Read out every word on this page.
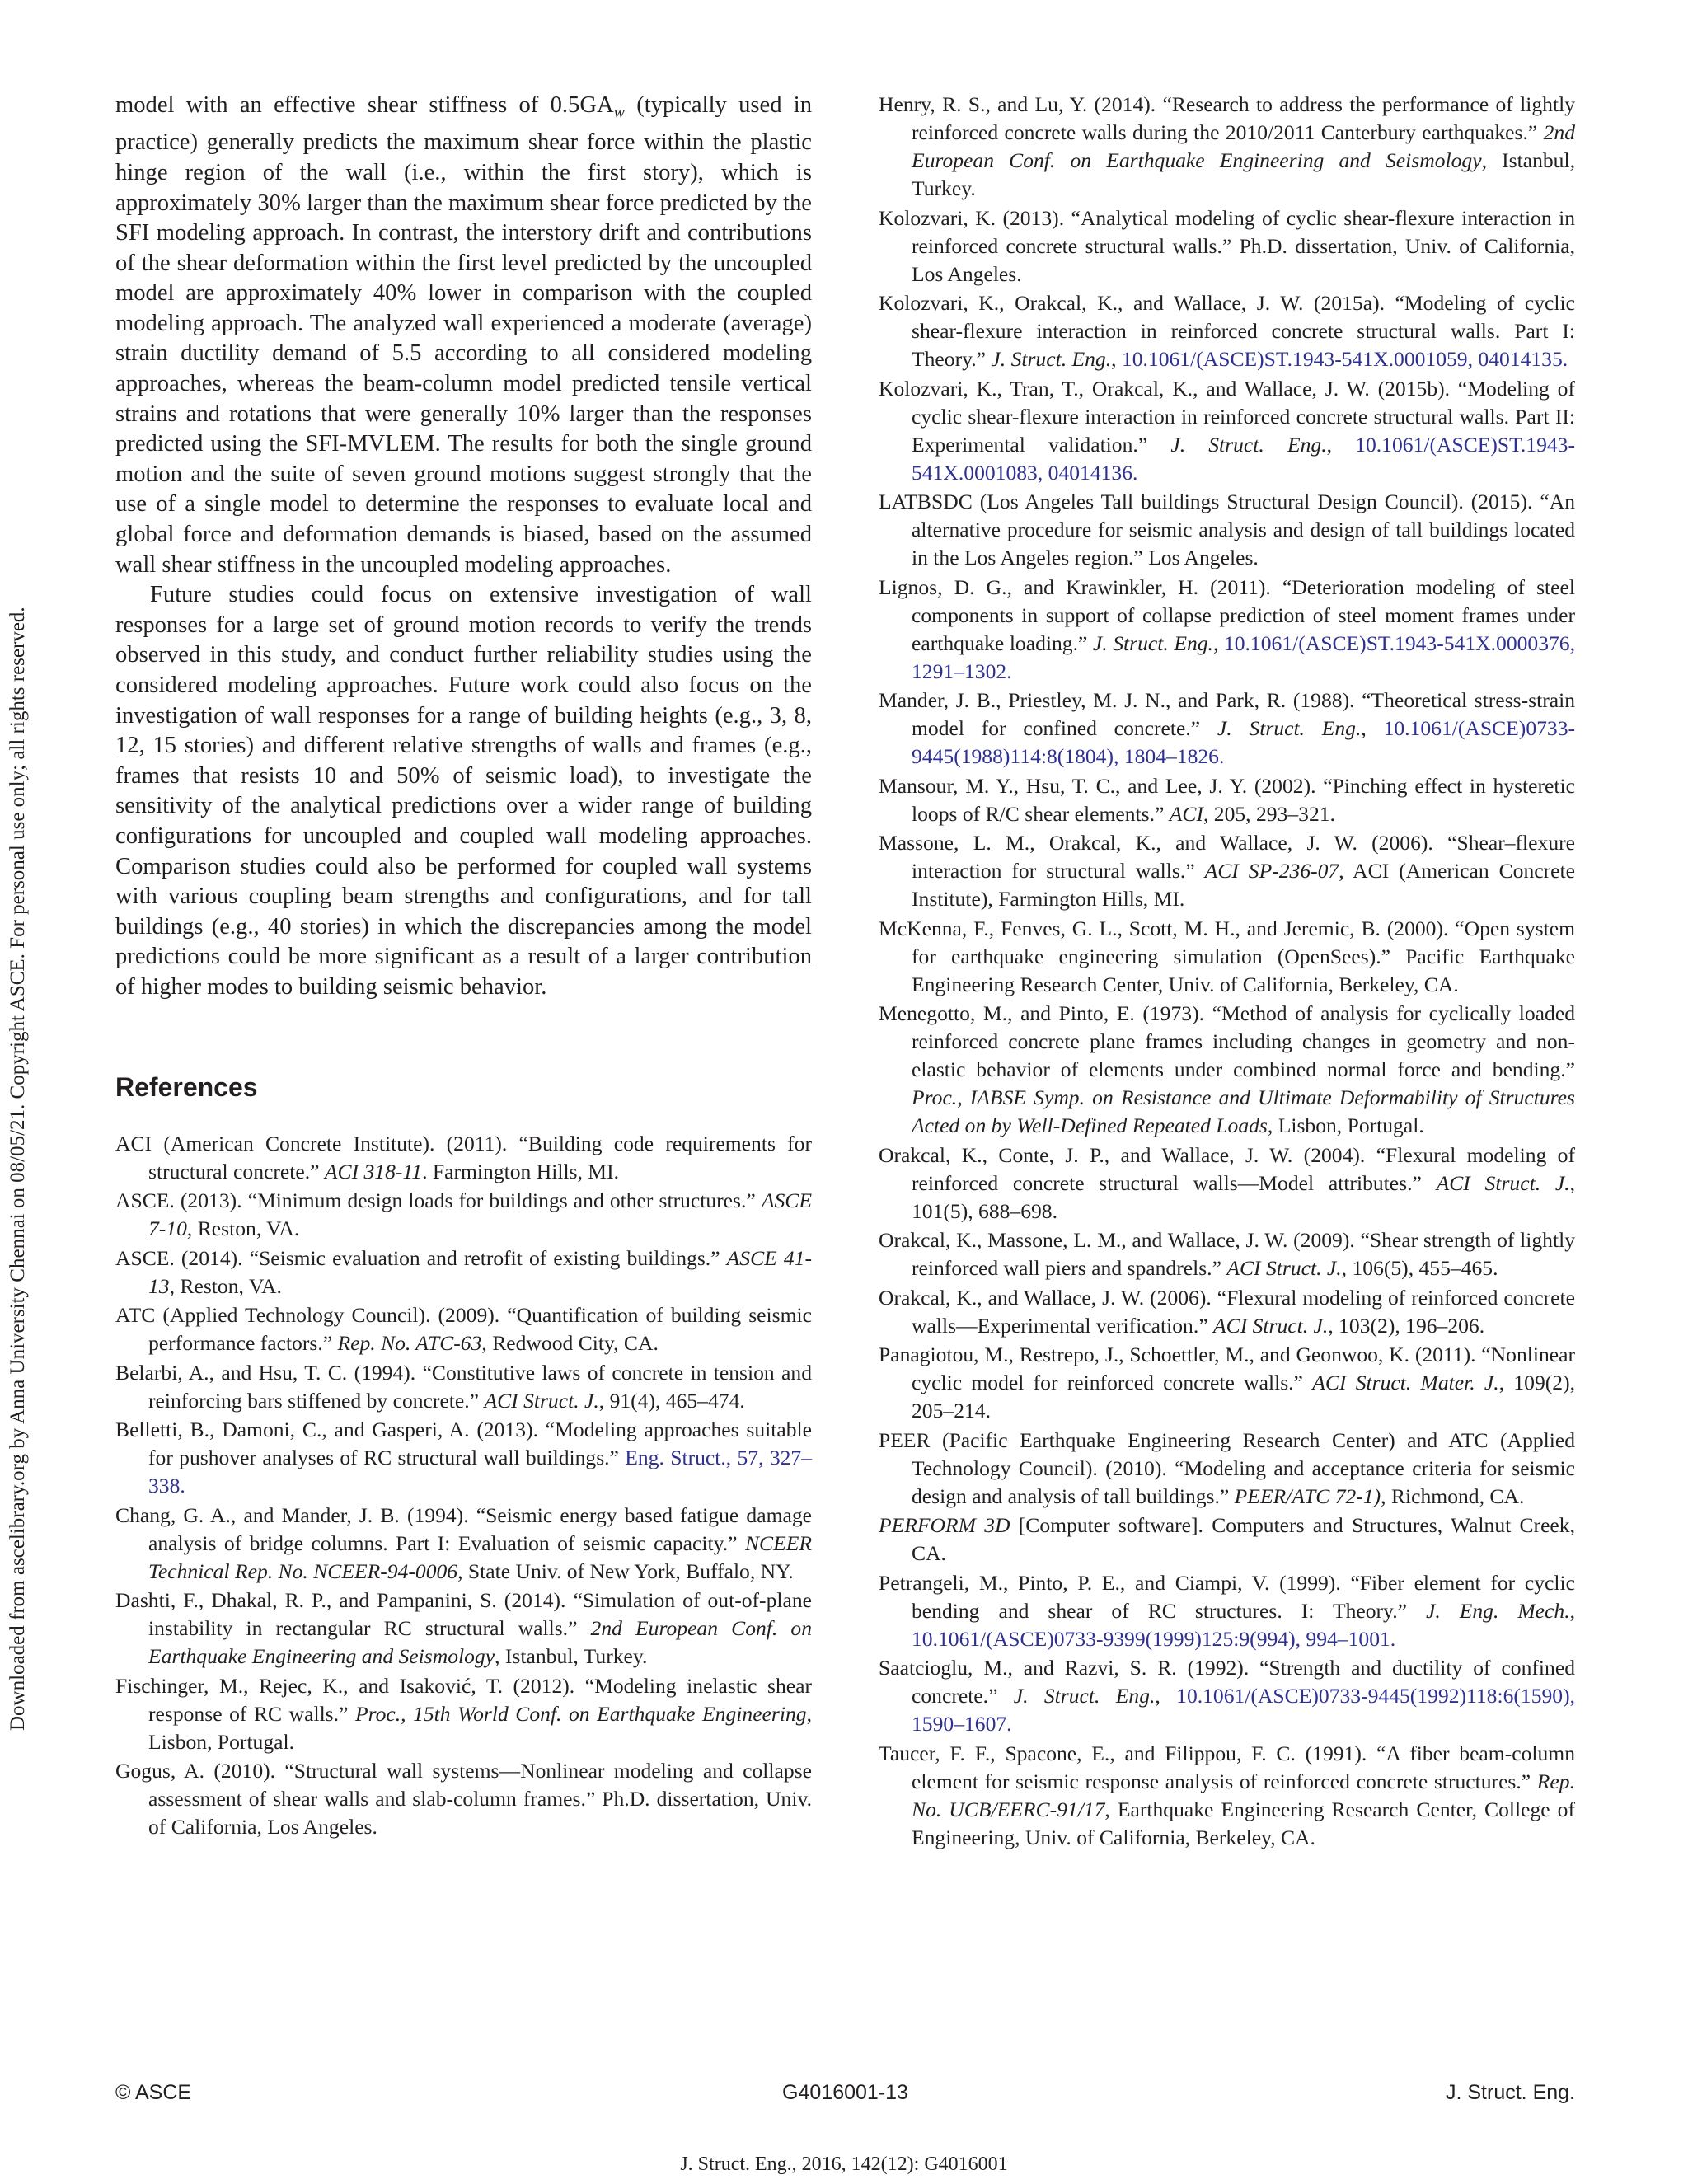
Downloaded from ascelibrary.org by Anna University Chennai on 08/05/21. Copyright ASCE. For personal use only; all rights reserved.

model with an effective shear stiffness of $0.5GA_w$ (typically used in practice) generally predicts the maximum shear force within the plastic hinge region of the wall (i.e., within the first story), which is approximately 30% larger than the maximum shear force predicted by the SFI modeling approach. In contrast, the interstory drift and contributions of the shear deformation within the first level predicted by the uncoupled model are approximately 40% lower in comparison with the coupled modeling approach. The analyzed wall experienced a moderate (average) strain ductility demand of 5.5 according to all considered modeling approaches, whereas the beam-column model predicted tensile vertical strains and rotations that were generally 10% larger than the responses predicted using the SFI-MVLEM. The results for both the single ground motion and the suite of seven ground motions suggest strongly that the use of a single model to determine the responses to evaluate local and global force and deformation demands is biased, based on the assumed wall shear stiffness in the uncoupled modeling approaches.

Future studies could focus on extensive investigation of wall responses for a large set of ground motion records to verify the trends observed in this study, and conduct further reliability studies using the considered modeling approaches. Future work could also focus on the investigation of wall responses for a range of building heights (e.g., 3, 8, 12, 15 stories) and different relative strengths of walls and frames (e.g., frames that resists 10 and 50% of seismic load), to investigate the sensitivity of the analytical predictions over a wider range of building configurations for uncoupled and coupled wall modeling approaches. Comparison studies could also be performed for coupled wall systems with various coupling beam strengths and configurations, and for tall buildings (e.g., 40 stories) in which the discrepancies among the model predictions could be more significant as a result of a larger contribution of higher modes to building seismic behavior.

References

ACI (American Concrete Institute). (2011). “Building code requirements for structural concrete.” ACI 318-11. Farmington Hills, MI.

ASCE. (2013). “Minimum design loads for buildings and other structures.” ASCE 7-10, Reston, VA.

ASCE. (2014). “Seismic evaluation and retrofit of existing buildings.” ASCE 41-13, Reston, VA.

ATC (Applied Technology Council). (2009). “Quantification of building seismic performance factors.” Rep. No. ATC-63, Redwood City, CA.

Belarbi, A., and Hsu, T. C. (1994). “Constitutive laws of concrete in tension and reinforcing bars stiffened by concrete.” ACI Struct. J., 91(4), 465–474.

Belletti, B., Damoni, C., and Gasperi, A. (2013). “Modeling approaches suitable for pushover analyses of RC structural wall buildings.” Eng. Struct., 57, 327–338.

Chang, G. A., and Mander, J. B. (1994). “Seismic energy based fatigue damage analysis of bridge columns. Part I: Evaluation of seismic capacity.” NCEER Technical Rep. No. NCEER-94-0006, State Univ. of New York, Buffalo, NY.

Dashti, F., Dhakal, R. P., and Pampanini, S. (2014). “Simulation of out-of-plane instability in rectangular RC structural walls.” 2nd European Conf. on Earthquake Engineering and Seismology, Istanbul, Turkey.

Fischinger, M., Rejec, K., and Isaković, T. (2012). “Modeling inelastic shear response of RC walls.” Proc., 15th World Conf. on Earthquake Engineering, Lisbon, Portugal.

Gogus, A. (2010). “Structural wall systems—Nonlinear modeling and collapse assessment of shear walls and slab-column frames.” Ph.D. dissertation, Univ. of California, Los Angeles.

Henry, R. S., and Lu, Y. (2014). “Research to address the performance of lightly reinforced concrete walls during the 2010/2011 Canterbury earthquakes.” 2nd European Conf. on Earthquake Engineering and Seismology, Istanbul, Turkey.

Kolozvari, K. (2013). “Analytical modeling of cyclic shear-flexure interaction in reinforced concrete structural walls.” Ph.D. dissertation, Univ. of California, Los Angeles.

Kolozvari, K., Orakcal, K., and Wallace, J. W. (2015a). “Modeling of cyclic shear-flexure interaction in reinforced concrete structural walls. Part I: Theory.” J. Struct. Eng., 10.1061/(ASCE)ST.1943-541X.0001059, 04014135.

Kolozvari, K., Tran, T., Orakcal, K., and Wallace, J. W. (2015b). “Modeling of cyclic shear-flexure interaction in reinforced concrete structural walls. Part II: Experimental validation.” J. Struct. Eng., 10.1061/(ASCE)ST.1943-541X.0001083, 04014136.

LATBSDC (Los Angeles Tall buildings Structural Design Council). (2015). “An alternative procedure for seismic analysis and design of tall buildings located in the Los Angeles region.” Los Angeles.

Lignos, D. G., and Krawinkler, H. (2011). “Deterioration modeling of steel components in support of collapse prediction of steel moment frames under earthquake loading.” J. Struct. Eng., 10.1061/(ASCE)ST.1943-541X.0000376, 1291–1302.

Mander, J. B., Priestley, M. J. N., and Park, R. (1988). “Theoretical stress-strain model for confined concrete.” J. Struct. Eng., 10.1061/(ASCE)0733-9445(1988)114:8(1804), 1804–1826.

Mansour, M. Y., Hsu, T. C., and Lee, J. Y. (2002). “Pinching effect in hysteretic loops of R/C shear elements.” ACI, 205, 293–321.

Massone, L. M., Orakcal, K., and Wallace, J. W. (2006). “Shear–flexure interaction for structural walls.” ACI SP-236-07, ACI (American Concrete Institute), Farmington Hills, MI.

McKenna, F., Fenves, G. L., Scott, M. H., and Jeremic, B. (2000). “Open system for earthquake engineering simulation (OpenSees).” Pacific Earthquake Engineering Research Center, Univ. of California, Berkeley, CA.

Menegotto, M., and Pinto, E. (1973). “Method of analysis for cyclically loaded reinforced concrete plane frames including changes in geometry and non-elastic behavior of elements under combined normal force and bending.” Proc., IABSE Symp. on Resistance and Ultimate Deformability of Structures Acted on by Well-Defined Repeated Loads, Lisbon, Portugal.

Orakcal, K., Conte, J. P., and Wallace, J. W. (2004). “Flexural modeling of reinforced concrete structural walls—Model attributes.” ACI Struct. J., 101(5), 688–698.

Orakcal, K., Massone, L. M., and Wallace, J. W. (2009). “Shear strength of lightly reinforced wall piers and spandrels.” ACI Struct. J., 106(5), 455–465.

Orakcal, K., and Wallace, J. W. (2006). “Flexural modeling of reinforced concrete walls—Experimental verification.” ACI Struct. J., 103(2), 196–206.

Panagiotou, M., Restrepo, J., Schoettler, M., and Geonwoo, K. (2011). “Nonlinear cyclic model for reinforced concrete walls.” ACI Struct. Mater. J., 109(2), 205–214.

PEER (Pacific Earthquake Engineering Research Center) and ATC (Applied Technology Council). (2010). “Modeling and acceptance criteria for seismic design and analysis of tall buildings.” PEER/ATC 72-1), Richmond, CA.

PERFORM 3D [Computer software]. Computers and Structures, Walnut Creek, CA.

Petrangeli, M., Pinto, P. E., and Ciampi, V. (1999). “Fiber element for cyclic bending and shear of RC structures. I: Theory.” J. Eng. Mech., 10.1061/(ASCE)0733-9399(1999)125:9(994), 994–1001.

Saatcioglu, M., and Razvi, S. R. (1992). “Strength and ductility of confined concrete.” J. Struct. Eng., 10.1061/(ASCE)0733-9445(1992)118:6(1590), 1590–1607.

Taucer, F. F., Spacone, E., and Filippou, F. C. (1991). “A fiber beam-column element for seismic response analysis of reinforced concrete structures.” Rep. No. UCB/EERC-91/17, Earthquake Engineering Research Center, College of Engineering, Univ. of California, Berkeley, CA.

© ASCE	G4016001-13	J. Struct. Eng.
J. Struct. Eng., 2016, 142(12): G4016001
